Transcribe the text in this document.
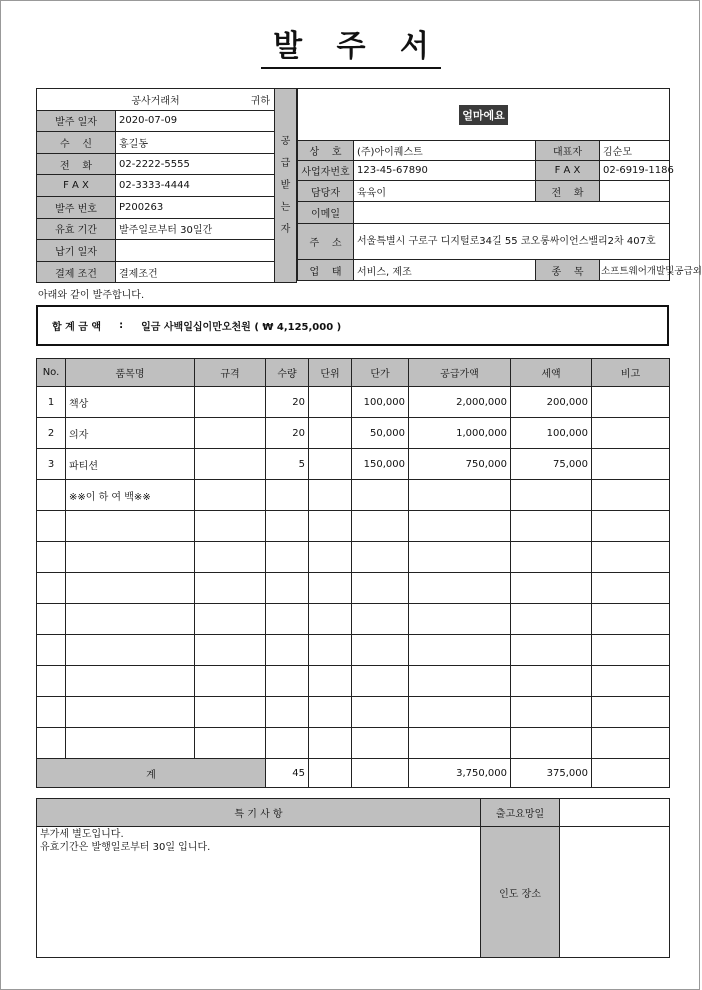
발 주 서
공사거래처 귀하	

발주 일자	2020-07-09
수    신	홍길동
전    화	02-2222-5555
F A X	02-3333-4444
발주 번호	P200263
유효 기간	발주일로부터 30일간
납기 일자	
결제 조건	결제조건
공
급
받
는
자
얼마에요			
상    호	(주)아이퀘스트	대표자	김순모
사업자번호	123-45-67890	F A X	02-6919-1186
담당자	육육이	전    화	
이메일			
주    소	서울특별시 구로구 디지털로34길 55 코오롱싸이언스밸리2차 407호		
업    태	서비스, 제조	종    목	소프트웨어개발및공급외
아래와 같이 발주합니다.
합 계 금 액 : 일금 사백일십이만오천원 ( ₩ 4,125,000 )
No.	품목명	규격	수량	단위	단가	공급가액	세액	비고
1	책상		20		100,000	2,000,000	200,000	
2	의자		20		50,000	1,000,000	100,000	
3	파티션		5		150,000	750,000	75,000	
	※※이 하 여 백※※							

계			45			3,750,000	375,000	
특 기 사 항	출고요망일	

부가세 별도입니다.
유효기간은 발행일로부터 30일 입니다.	인도 장소	
